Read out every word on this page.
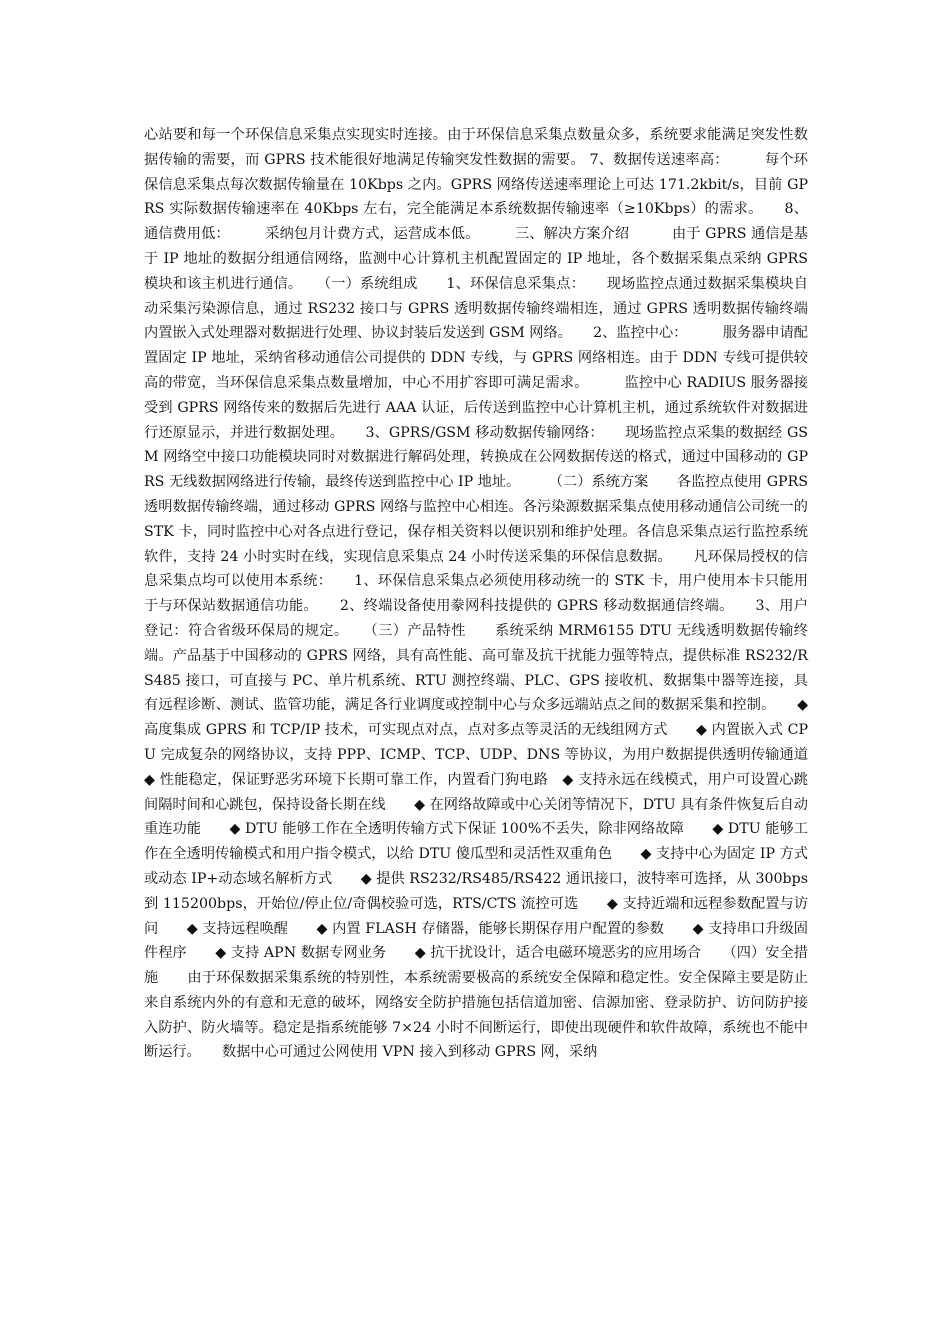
心站要和每一个环保信息采集点实现实时连接。由于环保信息采集点数量众多，系统要求能满足突发性数据传输的需要，而 GPRS 技术能很好地满足传输突发性数据的需要。 7、数据传送速率高：　　　每个环保信息采集点每次数据传输量在 10Kbps 之内。GPRS 网络传送速率理论上可达 171.2kbit/s，目前 GPRS 实际数据传输速率在 40Kbps 左右，完全能满足本系统数据传输速率（≥10Kbps）的需求。　　8、通信费用低：　　　采纳包月计费方式，运营成本低。　　　三、解决方案介绍　　　由于 GPRS 通信是基于 IP 地址的数据分组通信网络，监测中心计算机主机配置固定的 IP 地址，各个数据采集点采纳 GPRS 模块和该主机进行通信。　　（一）系统组成　　1、环保信息采集点：　　现场监控点通过数据采集模块自动采集污染源信息，通过 RS232 接口与 GPRS 透明数据传输终端相连，通过 GPRS 透明数据传输终端内置嵌入式处理器对数据进行处理、协议封装后发送到 GSM 网络。　　2、监控中心：　　　服务器申请配置固定 IP 地址，采纳省移动通信公司提供的 DDN 专线，与 GPRS 网络相连。由于 DDN 专线可提供较高的带宽，当环保信息采集点数量增加，中心不用扩容即可满足需求。　　　监控中心 RADIUS 服务器接受到 GPRS 网络传来的数据后先进行 AAA 认证，后传送到监控中心计算机主机，通过系统软件对数据进行还原显示，并进行数据处理。　　3、GPRS/GSM 移动数据传输网络：　　现场监控点采集的数据经 GSM 网络空中接口功能模块同时对数据进行解码处理，转换成在公网数据传送的格式，通过中国移动的 GPRS 无线数据网络进行传输，最终传送到监控中心 IP 地址。　　　（二）系统方案　　各监控点使用 GPRS 透明数据传输终端，通过移动 GPRS 网络与监控中心相连。各污染源数据采集点使用移动通信公司统一的 STK 卡，同时监控中心对各点进行登记，保存相关资料以便识别和维护处理。各信息采集点运行监控系统软件，支持 24 小时实时在线，实现信息采集点 24 小时传送采集的环保信息数据。　　凡环保局授权的信息采集点均可以使用本系统：　　1、环保信息采集点必须使用移动统一的 STK 卡，用户使用本卡只能用于与环保站数据通信功能。　　2、终端设备使用豢网科技提供的 GPRS 移动数据通信终端。　　3、用户登记：符合省级环保局的规定。　　（三）产品特性　　系统采纳 MRM6155 DTU 无线透明数据传输终端。产品基于中国移动的 GPRS 网络，具有高性能、高可靠及抗干扰能力强等特点，提供标准 RS232/RS485 接口，可直接与 PC、单片机系统、RTU 测控终端、PLC、GPS 接收机、数据集中器等连接，具有远程诊断、测试、监管功能，满足各行业调度或控制中心与众多远端站点之间的数据采集和控制。　　◆ 高度集成 GPRS 和 TCP/IP 技术，可实现点对点，点对多点等灵活的无线组网方式　　◆ 内置嵌入式 CPU 完成复杂的网络协议，支持 PPP、ICMP、TCP、UDP、DNS 等协议，为用户数据提供透明传输通道　　◆ 性能稳定，保证野恶劣环境下长期可靠工作，内置看门狗电路　◆ 支持永远在线模式，用户可设置心跳间隔时间和心跳包，保持设备长期在线　　◆ 在网络故障或中心关闭等情况下，DTU 具有条件恢复后自动重连功能　　◆ DTU 能够工作在全透明传输方式下保证 100%不丢失，除非网络故障　　◆ DTU 能够工作在全透明传输模式和用户指令模式，以给 DTU 傻瓜型和灵活性双重角色　　◆ 支持中心为固定 IP 方式或动态 IP+动态域名解析方式　　◆ 提供 RS232/RS485/RS422 通讯接口，波特率可选择，从 300bps 到 115200bps，开始位/停止位/奇偶校验可选，RTS/CTS 流控可选　　◆ 支持近端和远程参数配置与访问　　◆ 支持远程唤醒　　◆ 内置 FLASH 存储器，能够长期保存用户配置的参数　　◆ 支持串口升级固件程序　　◆ 支持 APN 数据专网业务　　◆ 抗干扰设计，适合电磁环境恶劣的应用场合　　（四）安全措施　　由于环保数据采集系统的特别性，本系统需要极高的系统安全保障和稳定性。安全保障主要是防止来自系统内外的有意和无意的破坏，网络安全防护措施包括信道加密、信源加密、登录防护、访问防护接入防护、防火墙等。稳定是指系统能够 7×24 小时不间断运行，即使出现硬件和软件故障，系统也不能中断运行。　　数据中心可通过公网使用 VPN 接入到移动 GPRS 网，采纳
